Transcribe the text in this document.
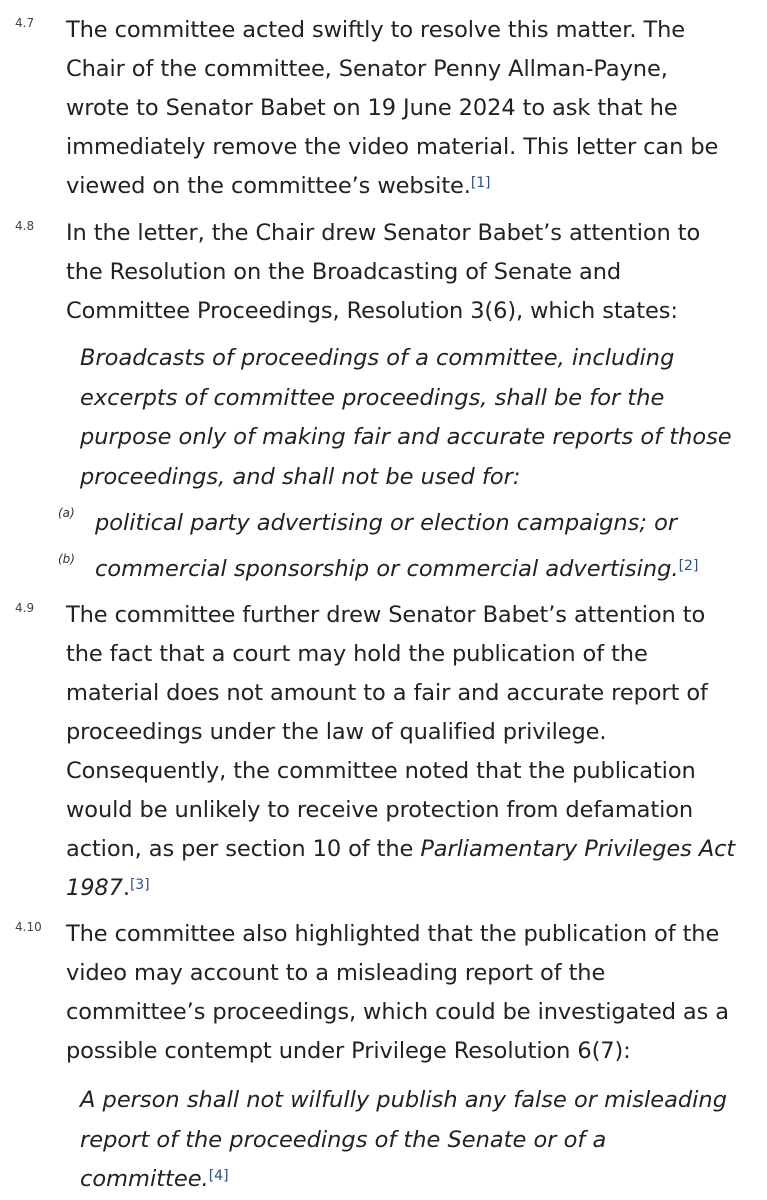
4.7 The committee acted swiftly to resolve this matter. The Chair of the committee, Senator Penny Allman-Payne, wrote to Senator Babet on 19 June 2024 to ask that he immediately remove the video material. This letter can be viewed on the committee’s website.[1]
4.8 In the letter, the Chair drew Senator Babet’s attention to the Resolution on the Broadcasting of Senate and Committee Proceedings, Resolution 3(6), which states:
Broadcasts of proceedings of a committee, including excerpts of committee proceedings, shall be for the purpose only of making fair and accurate reports of those proceedings, and shall not be used for:
(a) political party advertising or election campaigns; or
(b) commercial sponsorship or commercial advertising.[2]
4.9 The committee further drew Senator Babet’s attention to the fact that a court may hold the publication of the material does not amount to a fair and accurate report of proceedings under the law of qualified privilege. Consequently, the committee noted that the publication would be unlikely to receive protection from defamation action, as per section 10 of the Parliamentary Privileges Act 1987.[3]
4.10 The committee also highlighted that the publication of the video may account to a misleading report of the committee’s proceedings, which could be investigated as a possible contempt under Privilege Resolution 6(7):
A person shall not wilfully publish any false or misleading report of the proceedings of the Senate or of a committee.[4]
